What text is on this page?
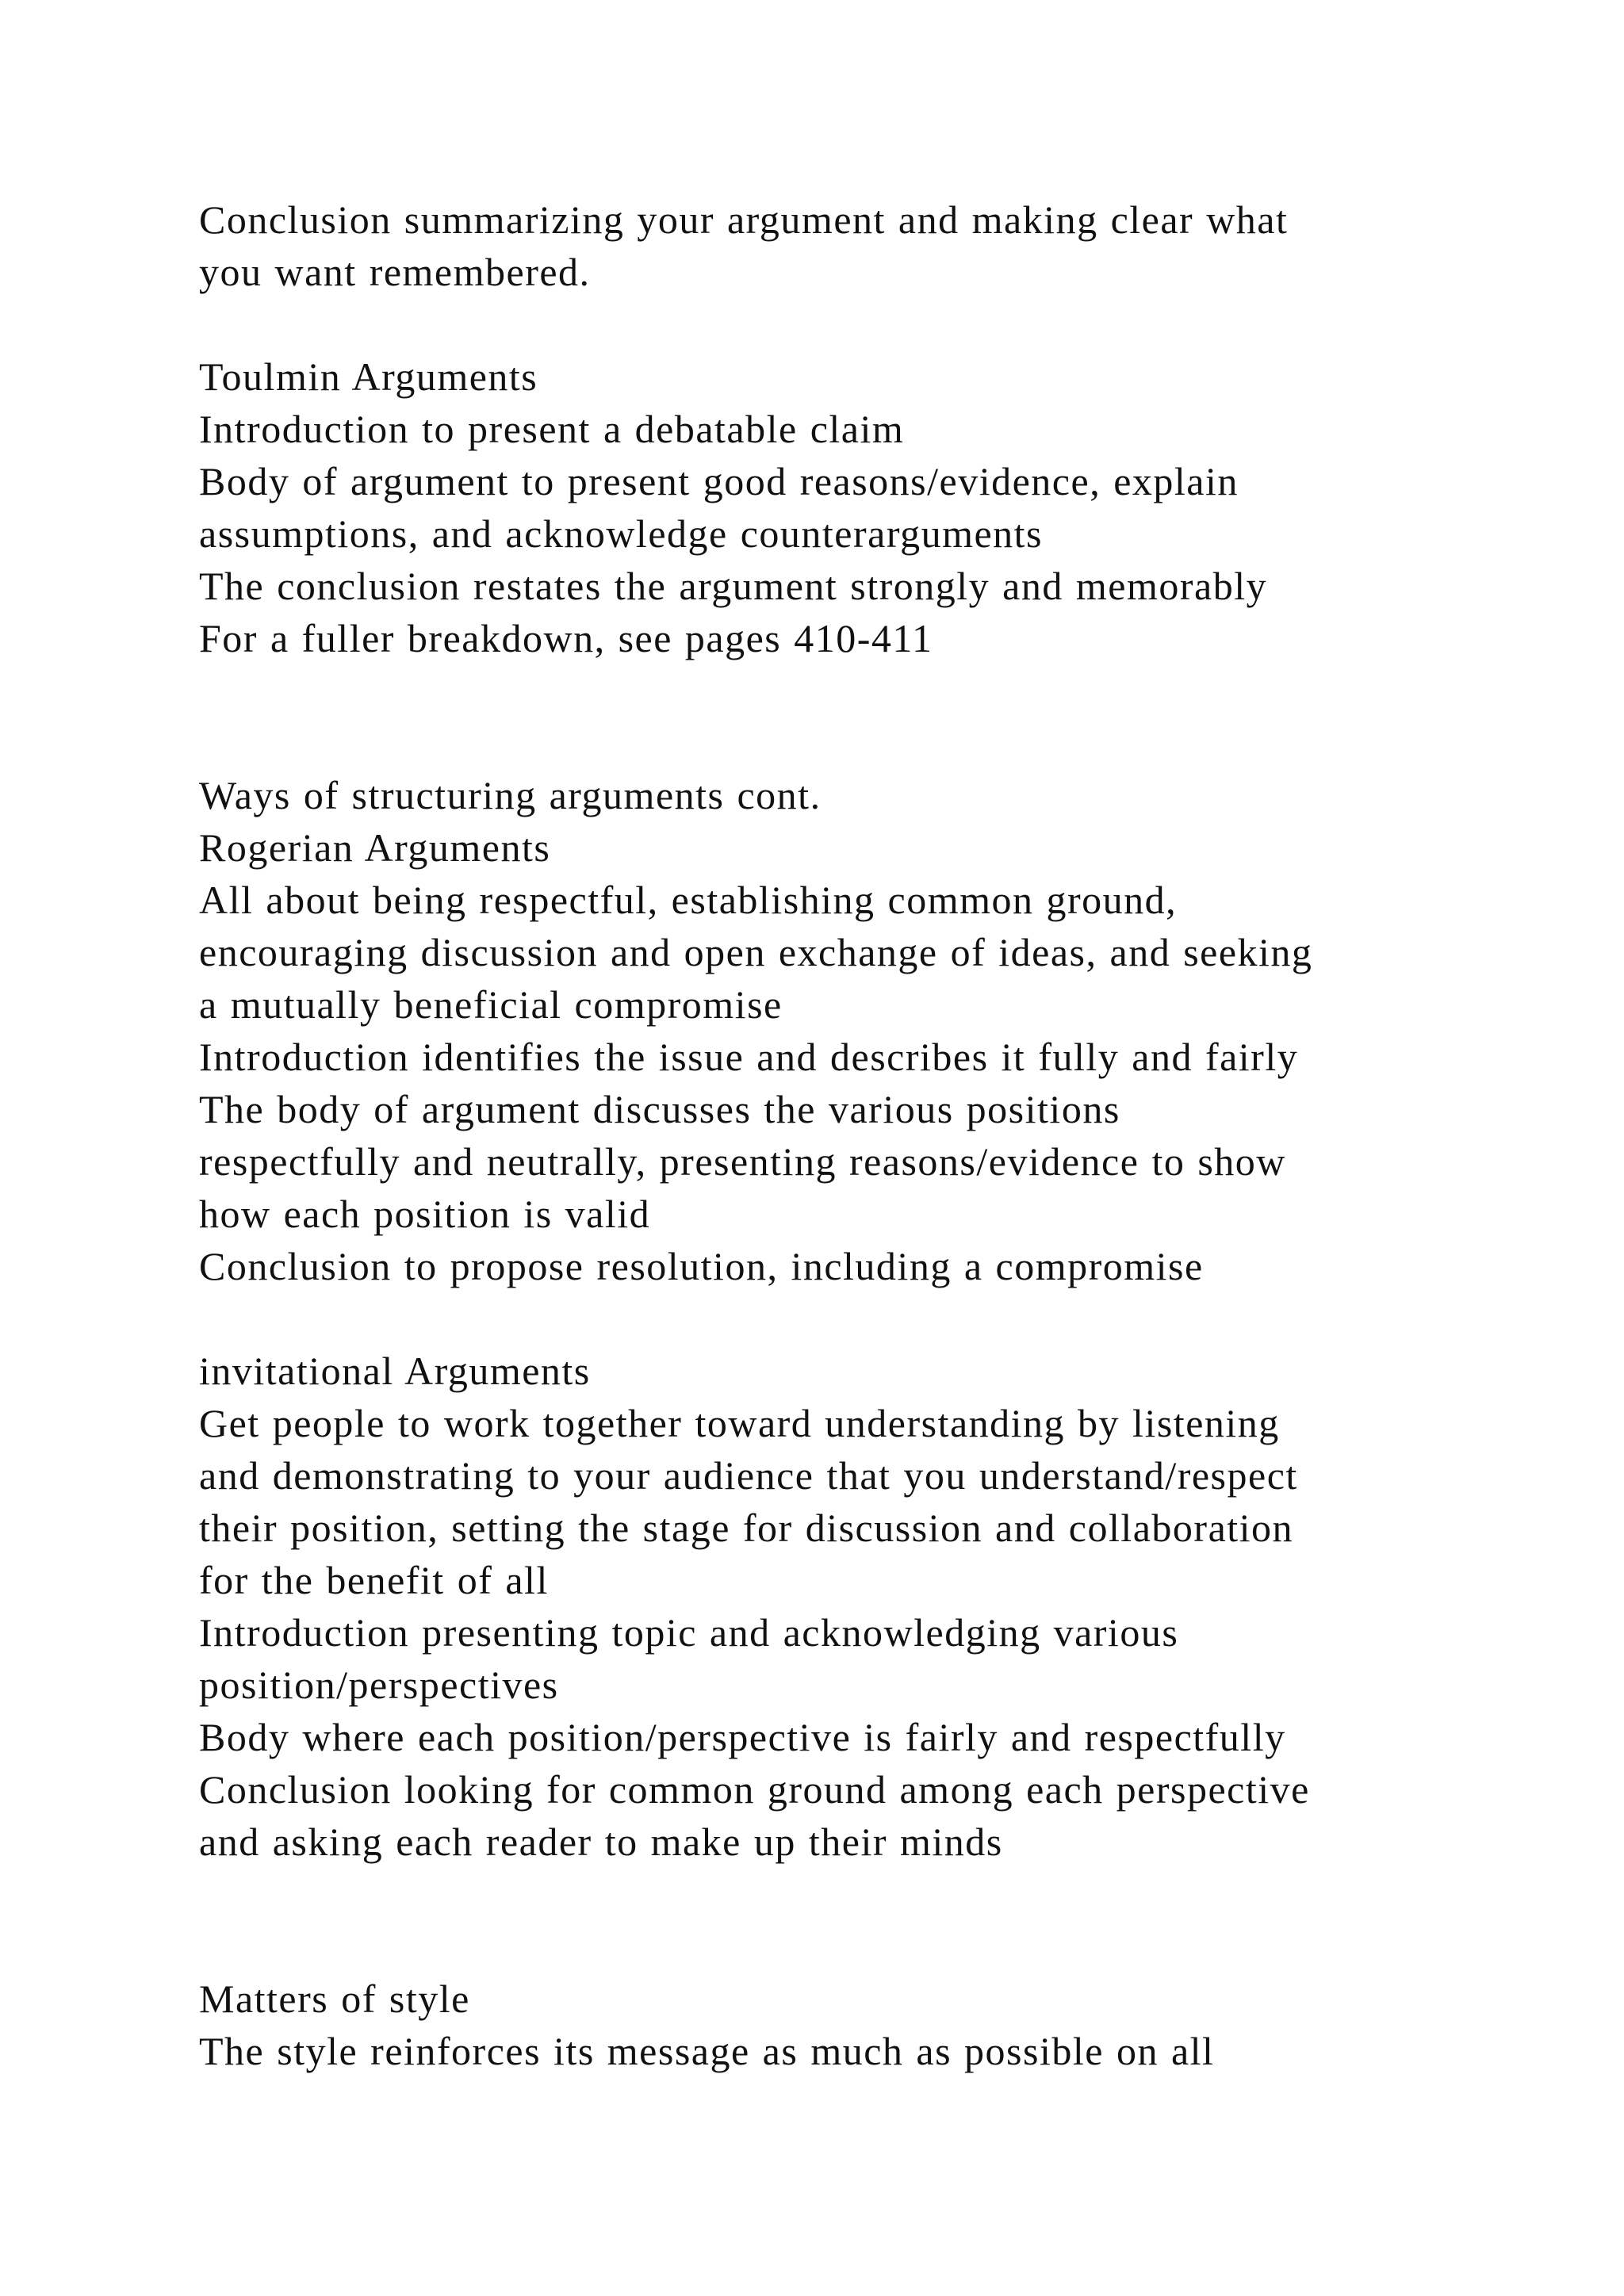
Conclusion summarizing your argument and making clear what
you want remembered.
Toulmin Arguments
Introduction to present a debatable claim
Body of argument to present good reasons/evidence, explain
assumptions, and acknowledge counterarguments
The conclusion restates the argument strongly and memorably
For a fuller breakdown, see pages 410-411
Ways of structuring arguments cont.
Rogerian Arguments
All about being respectful, establishing common ground,
encouraging discussion and open exchange of ideas, and seeking
a mutually beneficial compromise
Introduction identifies the issue and describes it fully and fairly
The body of argument discusses the various positions
respectfully and neutrally, presenting reasons/evidence to show
how each position is valid
Conclusion to propose resolution, including a compromise
invitational Arguments
Get people to work together toward understanding by listening
and demonstrating to your audience that you understand/respect
their position, setting the stage for discussion and collaboration
for the benefit of all
Introduction presenting topic and acknowledging various
position/perspectives
Body where each position/perspective is fairly and respectfully
Conclusion looking for common ground among each perspective
and asking each reader to make up their minds
Matters of style
The style reinforces its message as much as possible on all
